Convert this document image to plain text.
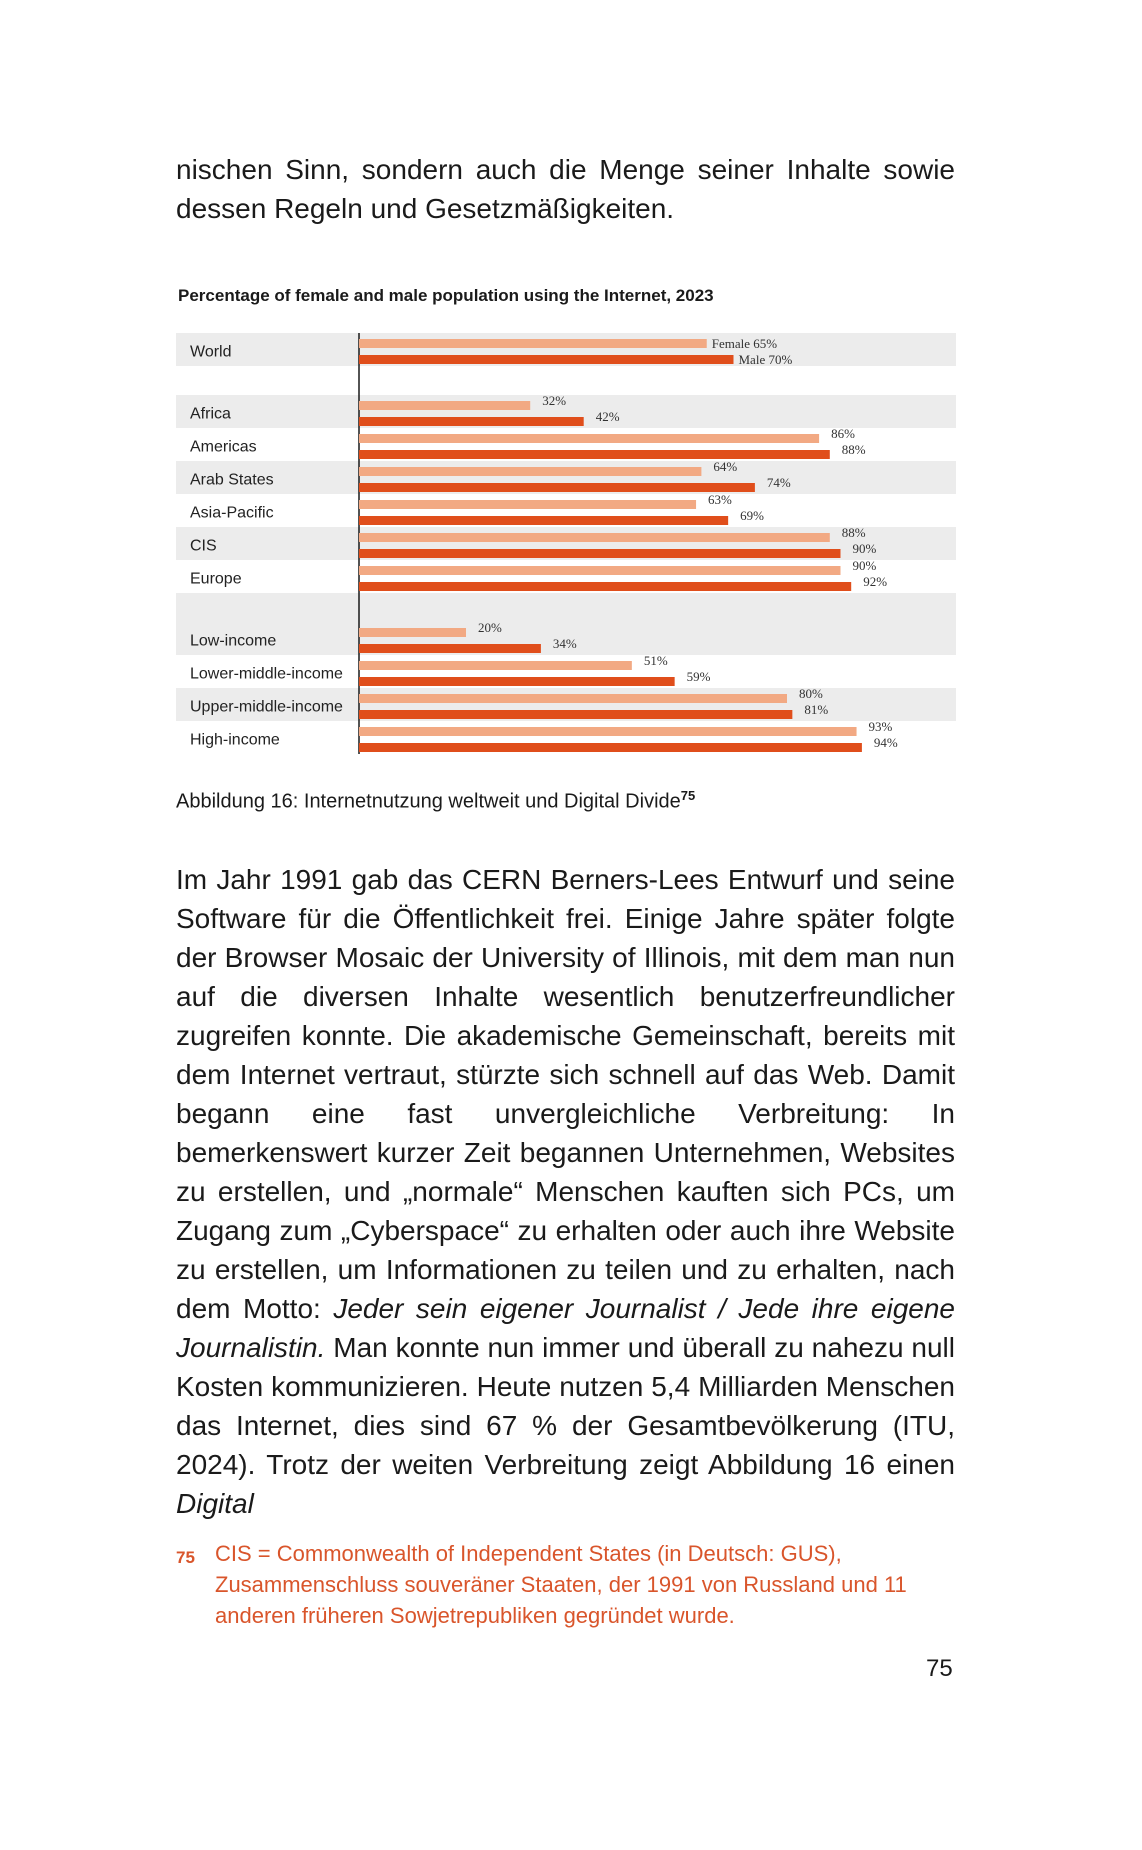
nischen Sinn, sondern auch die Menge seiner Inhalte sowie dessen Regeln und Gesetzmäßigkeiten.
Percentage of female and male population using the Internet, 2023
World	Female 65%
Male 70%
Africa
32%
42%
Americas
86%
88%
Arab States
64%
74%
Asia-Pacific
63%
69%
CIS
88%
90%
Europe
90%
92%
Low-income
20%
34%
Lower-middle-income
51%
59%
Upper-middle-income
80%
81%
High-income
93%
94%
Abbildung 16: Internetnutzung weltweit und Digital Divide$^{75}$
Im Jahr 1991 gab das CERN Berners-Lees Entwurf und seine Software für die Öffentlichkeit frei. Einige Jahre später folgte der Browser Mosaic der University of Illinois, mit dem man nun auf die diversen Inhalte wesentlich benutzerfreundlicher zugreifen konnte. Die akademische Gemeinschaft, bereits mit dem Internet vertraut, stürzte sich schnell auf das Web. Damit begann eine fast unvergleichliche Verbreitung: In bemerkenswert kurzer Zeit begannen Unternehmen, Websites zu erstellen, und „normale“ Menschen kauften sich PCs, um Zugang zum „Cyberspace“ zu erhalten oder auch ihre Website zu erstellen, um Informationen zu teilen und zu erhalten, nach dem Motto: Jeder sein eigener Journalist / Jede ihre eigene Journalistin. Man konnte nun immer und überall zu nahezu null Kosten kommunizieren. Heute nutzen 5,4 Milliarden Menschen das Internet, dies sind 67 % der Gesamtbevölkerung (ITU, 2024). Trotz der weiten Verbreitung zeigt Abbildung 16 einen Digital
75 CIS = Commonwealth of Independent States (in Deutsch: GUS), Zusammenschluss souveräner Staaten, der 1991 von Russland und 11 anderen früheren Sowjetrepubliken gegründet wurde.
75
